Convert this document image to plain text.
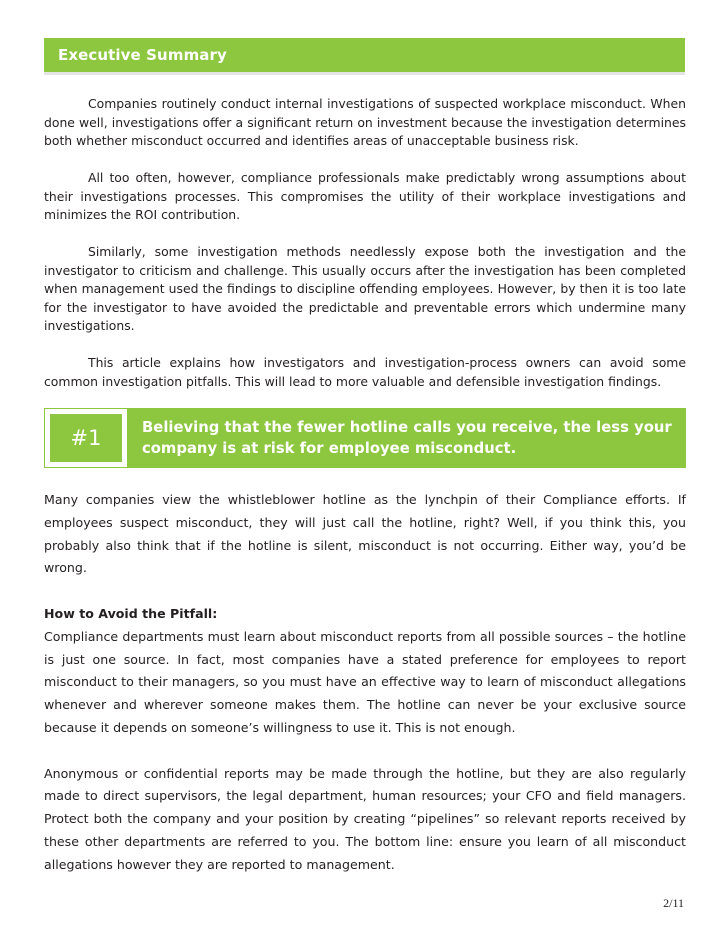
Executive Summary

Companies routinely conduct internal investigations of suspected workplace misconduct. When done well, investigations offer a significant return on investment because the investigation determines both whether misconduct occurred and identifies areas of unacceptable business risk.

All too often, however, compliance professionals make predictably wrong assumptions about their investigations processes. This compromises the utility of their workplace investigations and minimizes the ROI contribution.

Similarly, some investigation methods needlessly expose both the investigation and the investigator to criticism and challenge. This usually occurs after the investigation has been completed when management used the findings to discipline offending employees. However, by then it is too late for the investigator to have avoided the predictable and preventable errors which undermine many investigations.

This article explains how investigators and investigation-process owners can avoid some common investigation pitfalls. This will lead to more valuable and defensible investigation findings.

#1	Believing that the fewer hotline calls you receive, the less your company is at risk for employee misconduct.

Many companies view the whistleblower hotline as the lynchpin of their Compliance efforts. If employees suspect misconduct, they will just call the hotline, right? Well, if you think this, you probably also think that if the hotline is silent, misconduct is not occurring. Either way, you’d be wrong.

How to Avoid the Pitfall:

Compliance departments must learn about misconduct reports from all possible sources – the hotline is just one source. In fact, most companies have a stated preference for employees to report misconduct to their managers, so you must have an effective way to learn of misconduct allegations whenever and wherever someone makes them. The hotline can never be your exclusive source because it depends on someone’s willingness to use it. This is not enough.

Anonymous or confidential reports may be made through the hotline, but they are also regularly made to direct supervisors, the legal department, human resources; your CFO and field managers. Protect both the company and your position by creating “pipelines” so relevant reports received by these other departments are referred to you. The bottom line: ensure you learn of all misconduct allegations however they are reported to management.

2/11
